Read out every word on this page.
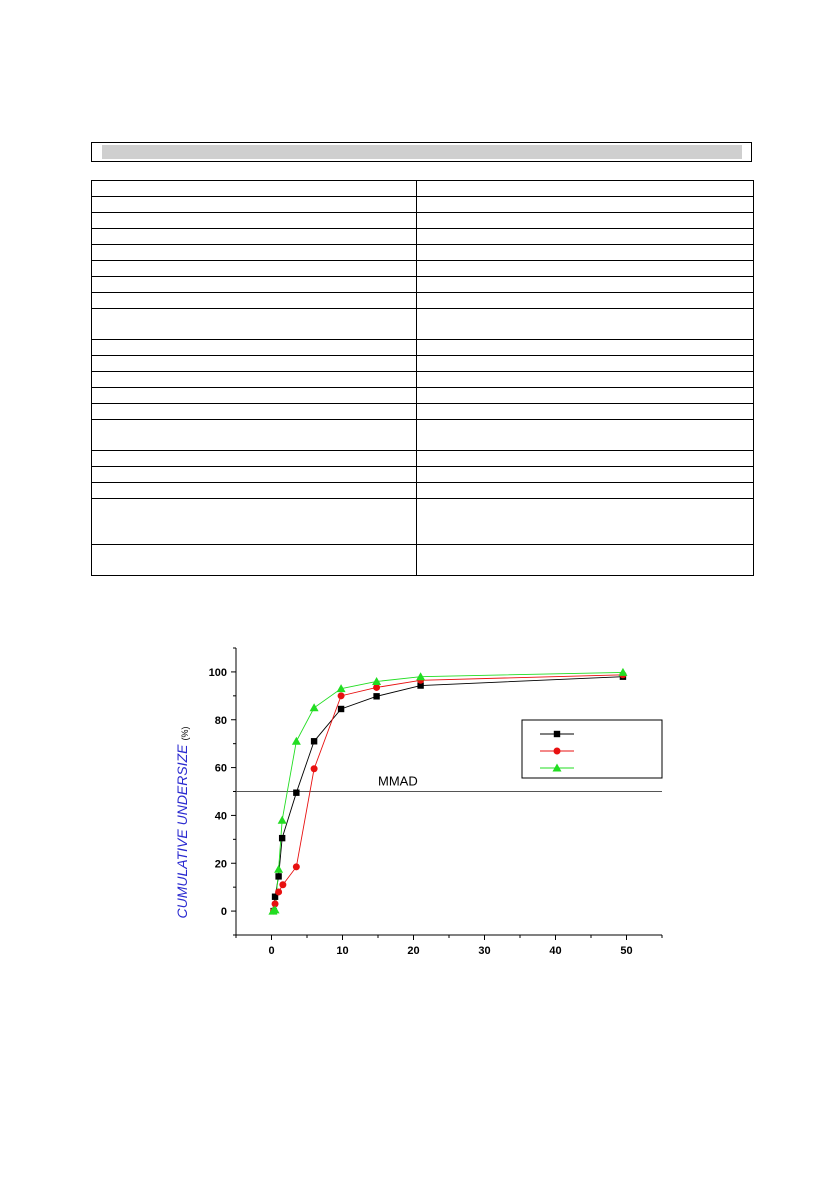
0	10	20	30	40	50
0
20
40
60
80
100
CUMULATIVE UNDERSIZE
(%)
MMAD
